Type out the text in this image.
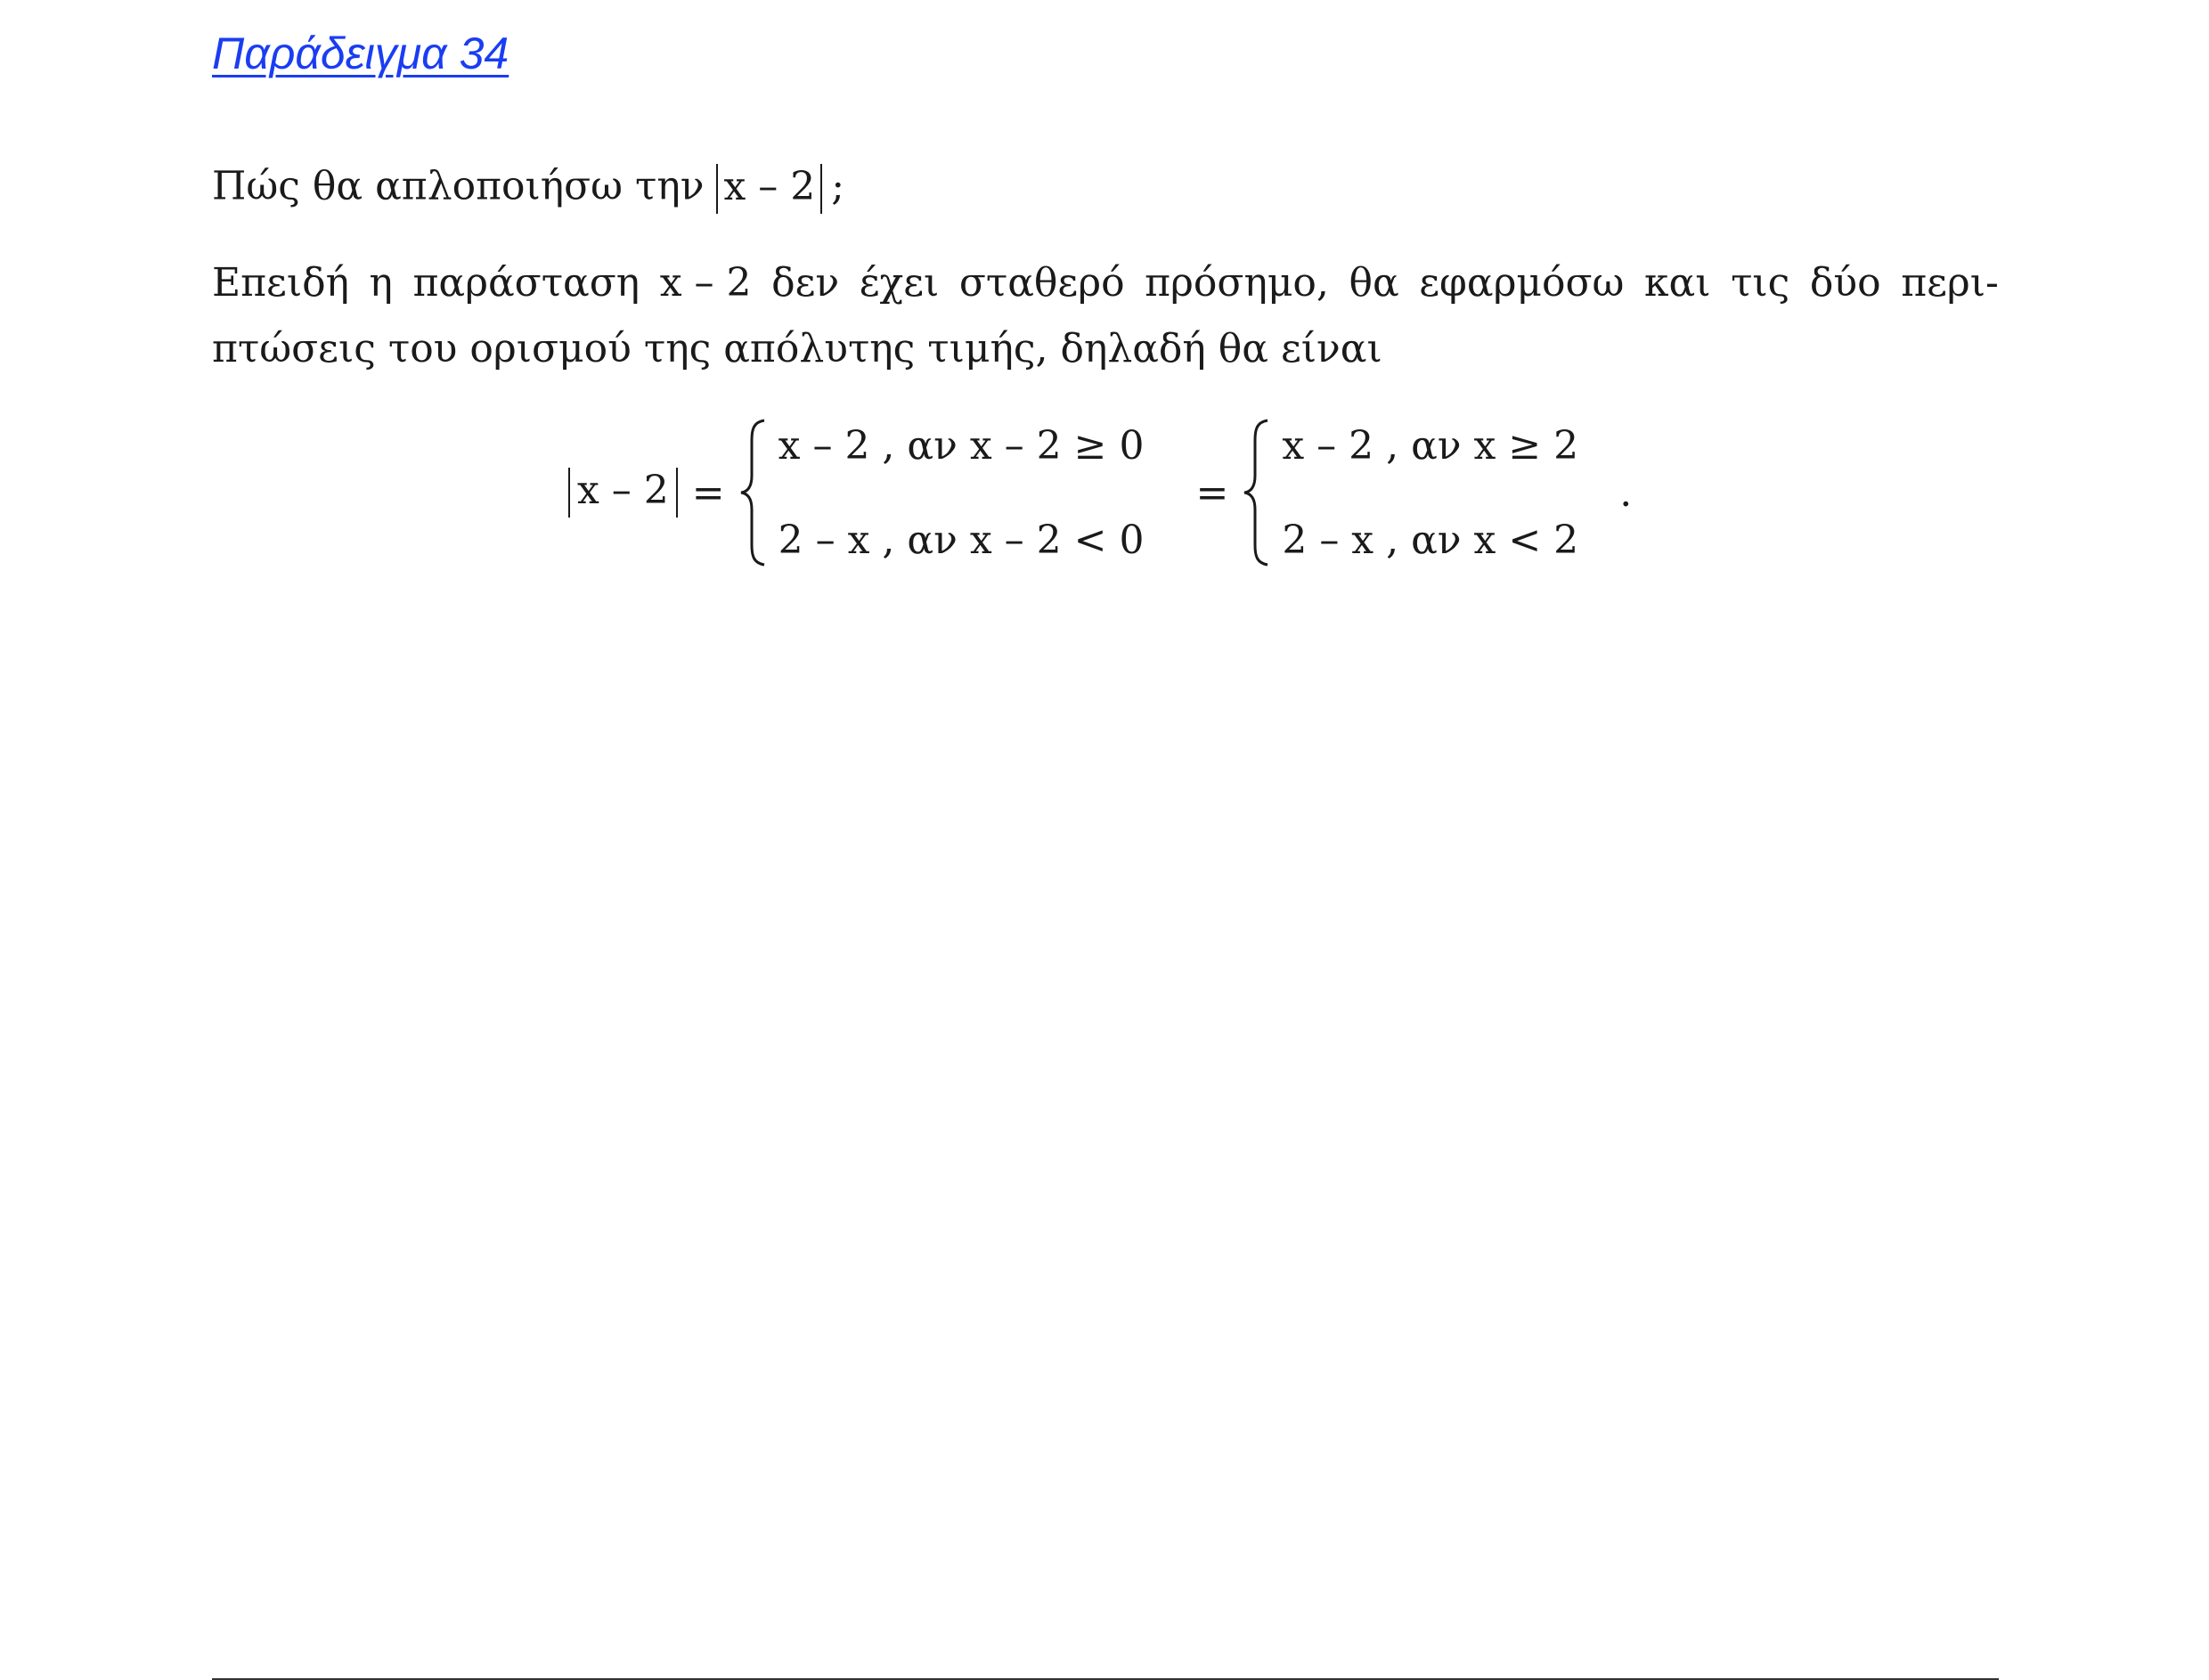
Παράδειγμα 34
Πώς θα απλοποιήσω την x – 2 ;
Επειδή η παράσταση x – 2 δεν έχει σταθερό πρόσημο, θα εφαρμόσω και τις δύο περι-
πτώσεις του ορισμού της απόλυτης τιμής, δηλαδή θα είναι
x – 2 =
x – 2 , αν x – 2 ≥ 0
2 – x , αν x – 2 < 0
=
x – 2 , αν x ≥ 2
2 – x , αν x < 2
.
